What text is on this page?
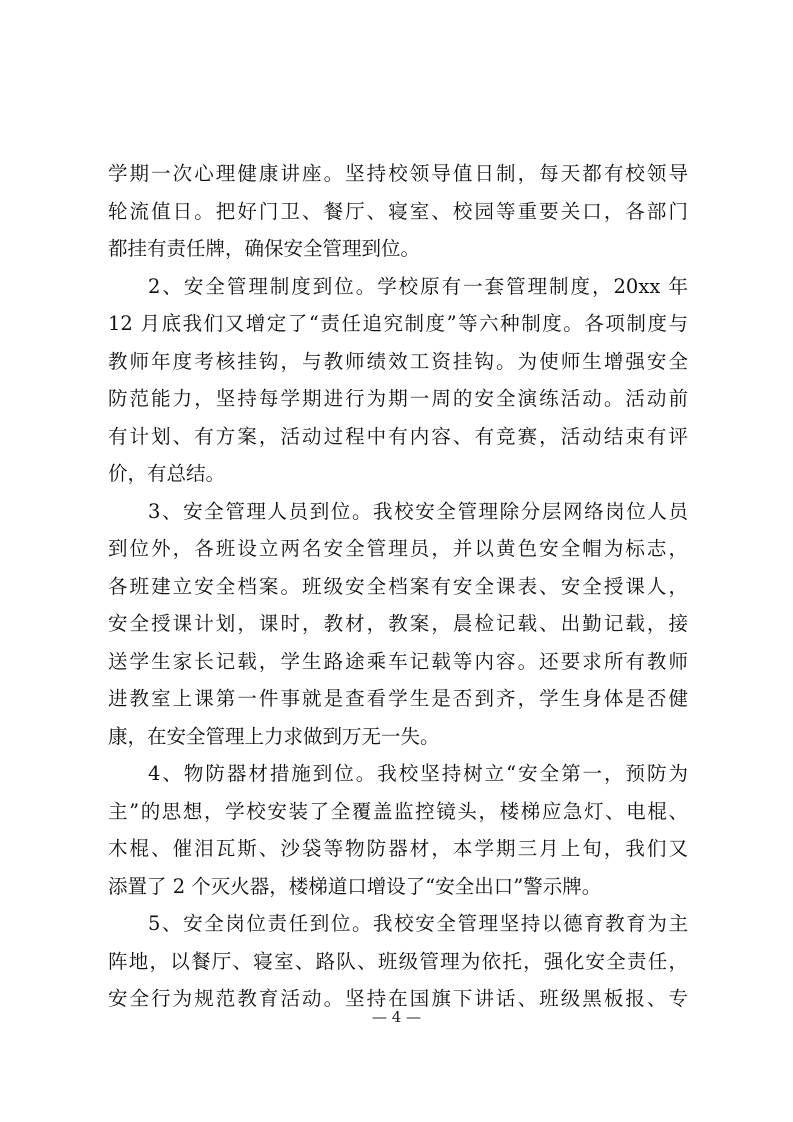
学期一次心理健康讲座。坚持校领导值日制，每天都有校领导
轮流值日。把好门卫、餐厅、寝室、校园等重要关口，各部门
都挂有责任牌，确保安全管理到位。
2、安全管理制度到位。学校原有一套管理制度，20xx 年
12 月底我们又增定了“责任追究制度”等六种制度。各项制度与
教师年度考核挂钩，与教师绩效工资挂钩。为使师生增强安全
防范能力，坚持每学期进行为期一周的安全演练活动。活动前
有计划、有方案，活动过程中有内容、有竞赛，活动结束有评
价，有总结。
3、安全管理人员到位。我校安全管理除分层网络岗位人员
到位外，各班设立两名安全管理员，并以黄色安全帽为标志，
各班建立安全档案。班级安全档案有安全课表、安全授课人，
安全授课计划，课时，教材，教案，晨检记载、出勤记载，接
送学生家长记载，学生路途乘车记载等内容。还要求所有教师
进教室上课第一件事就是查看学生是否到齐，学生身体是否健
康，在安全管理上力求做到万无一失。
4、物防器材措施到位。我校坚持树立“安全第一，预防为
主”的思想，学校安装了全覆盖监控镜头，楼梯应急灯、电棍、
木棍、催泪瓦斯、沙袋等物防器材，本学期三月上旬，我们又
添置了 2 个灭火器，楼梯道口增设了“安全出口”警示牌。
5、安全岗位责任到位。我校安全管理坚持以德育教育为主
阵地，以餐厅、寝室、路队、班级管理为依托，强化安全责任，
安全行为规范教育活动。坚持在国旗下讲话、班级黑板报、专
— 4 —
